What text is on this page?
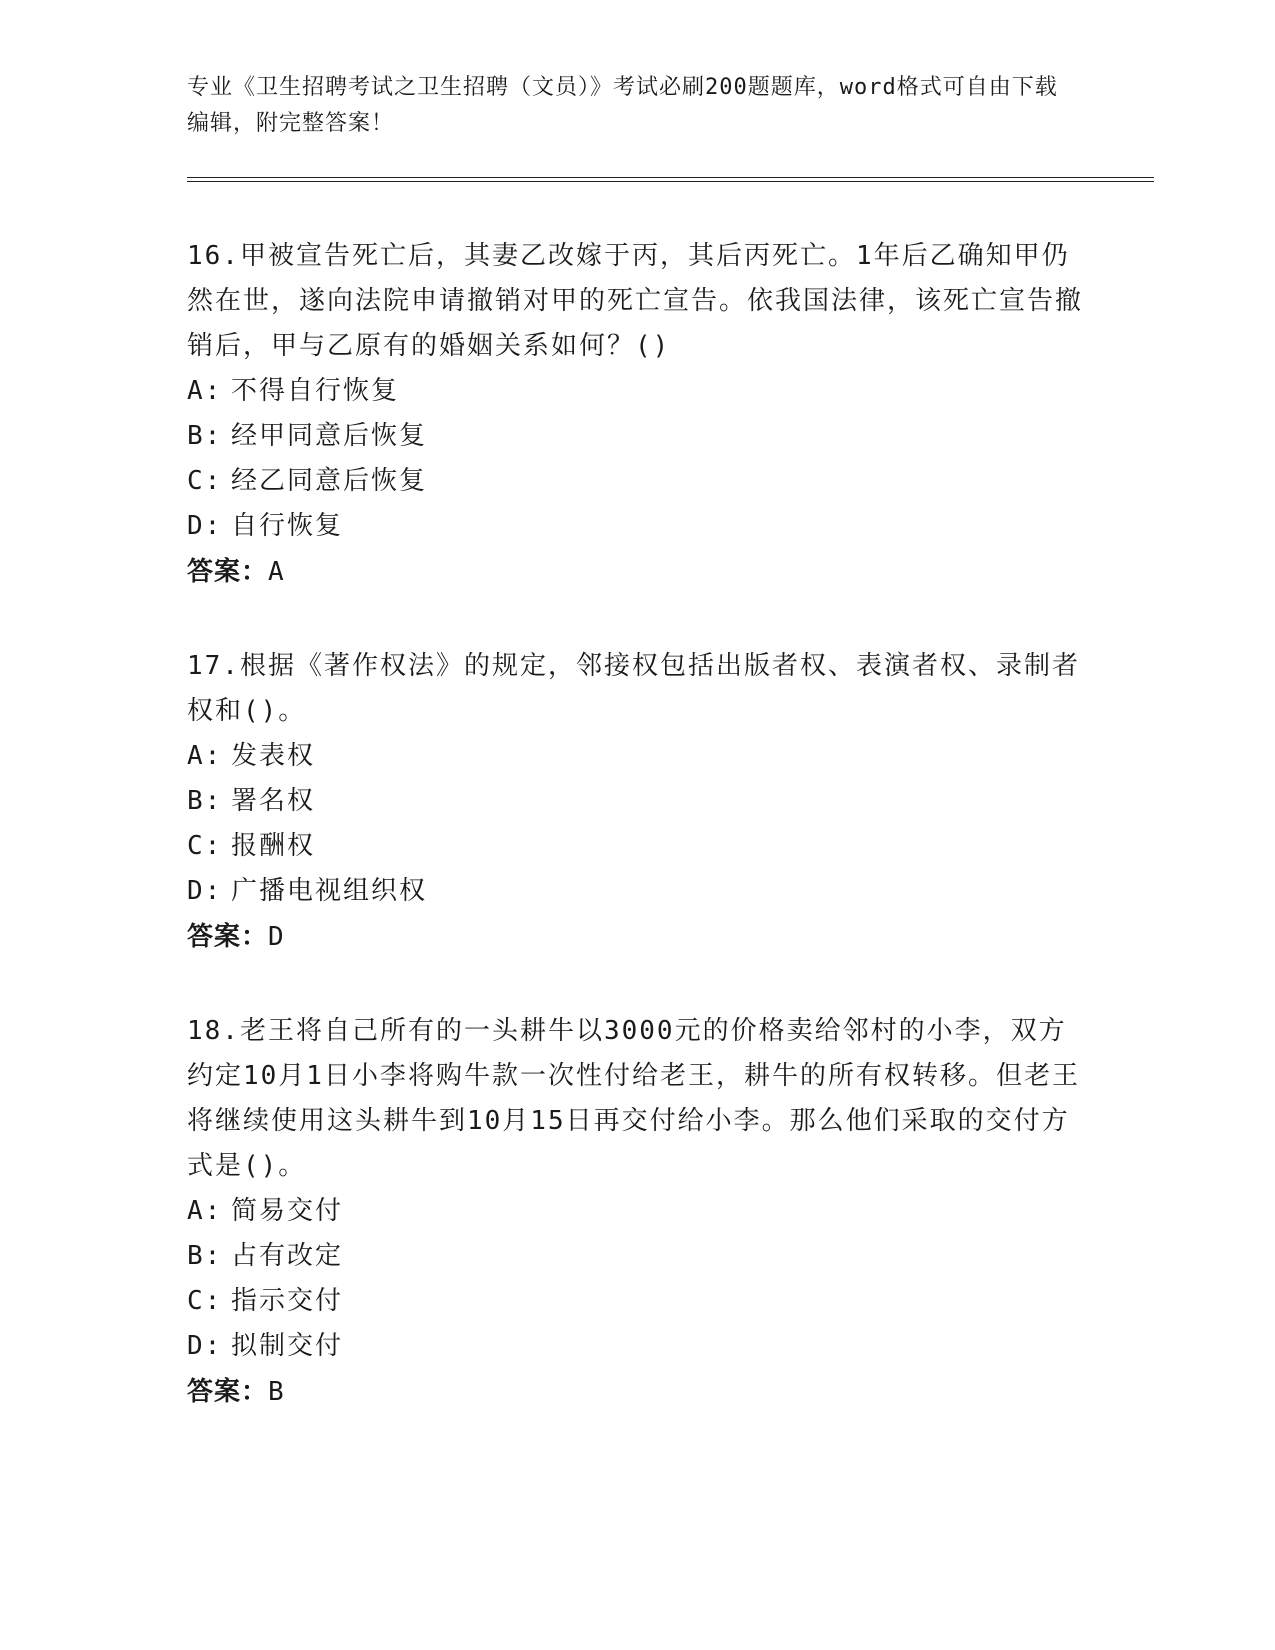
专业《卫生招聘考试之卫生招聘（文员）》考试必刷200题题库，word格式可自由下载编辑，附完整答案！
16.甲被宣告死亡后，其妻乙改嫁于丙，其后丙死亡。1年后乙确知甲仍然在世，遂向法院申请撤销对甲的死亡宣告。依我国法律，该死亡宣告撤销后，甲与乙原有的婚姻关系如何？()
A: 不得自行恢复
B: 经甲同意后恢复
C: 经乙同意后恢复
D: 自行恢复
答案：A
17.根据《著作权法》的规定，邻接权包括出版者权、表演者权、录制者权和()。
A: 发表权
B: 署名权
C: 报酬权
D: 广播电视组织权
答案：D
18.老王将自己所有的一头耕牛以3000元的价格卖给邻村的小李，双方约定10月1日小李将购牛款一次性付给老王，耕牛的所有权转移。但老王将继续使用这头耕牛到10月15日再交付给小李。那么他们采取的交付方式是()。
A: 简易交付
B: 占有改定
C: 指示交付
D: 拟制交付
答案：B
